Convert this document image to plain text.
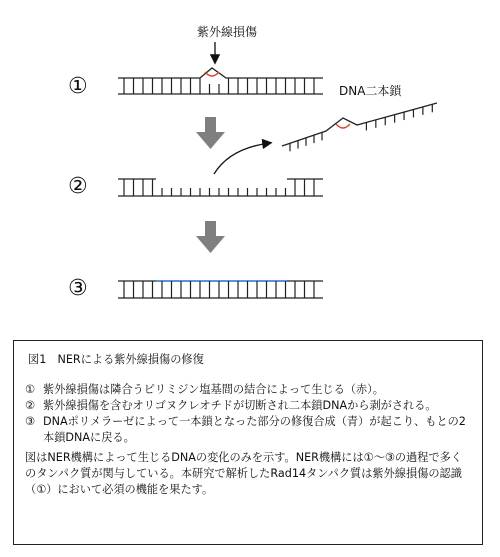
紫外線損傷
①
②
③
DNA二本鎖

図1　NERによる紫外線損傷の修復

① 紫外線損傷は隣合うピリミジン塩基間の結合によって生じる（赤）。
② 紫外線損傷を含むオリゴヌクレオチドが切断され二本鎖DNAから剥がされる。
③ DNAポリメラーゼによって一本鎖となった部分の修復合成（青）が起こり、もとの2本鎖DNAに戻る。

図はNER機構によって生じるDNAの変化のみを示す。NER機構には①〜③の過程で多くのタンパク質が関与している。本研究で解析したRad14タンパク質は紫外線損傷の認識（①）において必須の機能を果たす。
